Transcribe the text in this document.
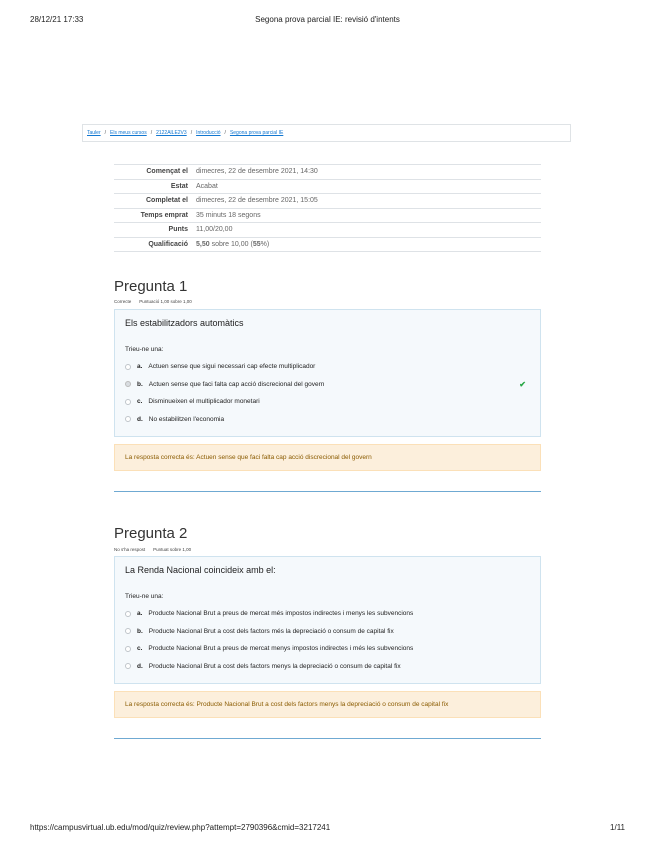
28/12/21 17:33	Segona prova parcial IE: revisió d'intents
Tauler / Els meus cursos / 2122AlLE2V3 / Introducció / Segona prova parcial IE
Començat el	dimecres, 22 de desembre 2021, 14:30
Estat	Acabat
Completat el	dimecres, 22 de desembre 2021, 15:05
Temps emprat	35 minuts 18 segons
Punts	11,00/20,00
Qualificació	5,50 sobre 10,00 (55%)
Pregunta 1
Correcte Puntuació 1,00 sobre 1,00
Els estabilitzadors automàtics
Trieu-ne una:
a. Actuen sense que sigui necessari cap efecte multiplicador
b. Actuen sense que faci falta cap acció discrecional del govern	✔
c. Disminueixen el multiplicador monetari
d. No estabilitzen l'economia
La resposta correcta és: Actuen sense que faci falta cap acció discrecional del govern
Pregunta 2
No s'ha respost Puntuat sobre 1,00
La Renda Nacional coincideix amb el:
Trieu-ne una:
a. Producte Nacional Brut a preus de mercat més impostos indirectes i menys les subvencions
b. Producte Nacional Brut a cost dels factors més la depreciació o consum de capital fix
c. Producte Nacional Brut a preus de mercat menys impostos indirectes i més les subvencions
d. Producte Nacional Brut a cost dels factors menys la depreciació o consum de capital fix
La resposta correcta és: Producte Nacional Brut a cost dels factors menys la depreciació o consum de capital fix
https://campusvirtual.ub.edu/mod/quiz/review.php?attempt=2790396&cmid=3217241	1/11
